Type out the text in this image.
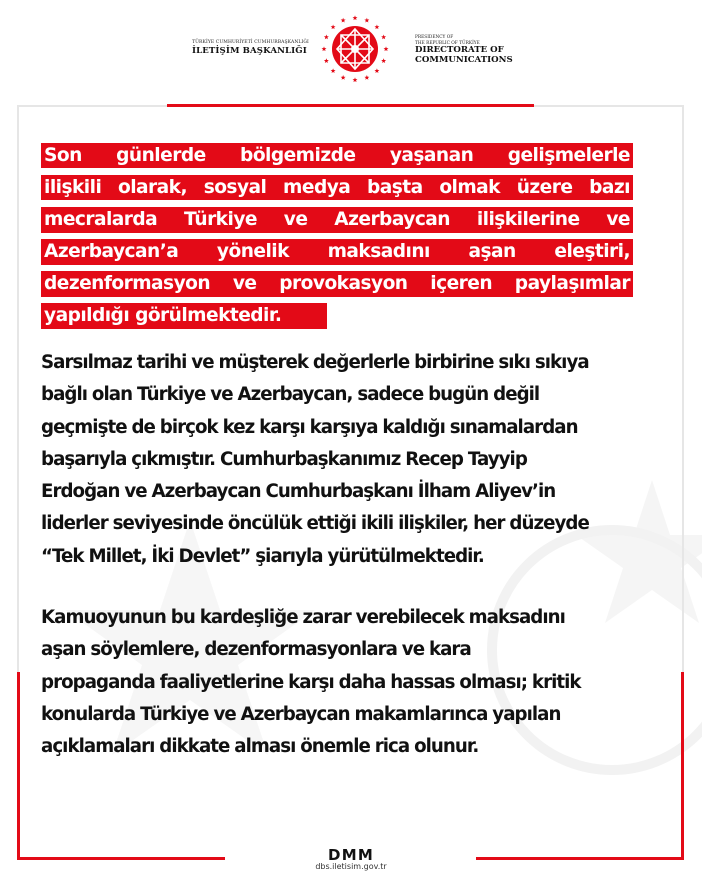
TÜRKİYE CUMHURİYETİ CUMHURBAŞKANLIĞI
İLETİŞİM BAŞKANLIĞI
PRESIDENCY OF
THE REPUBLIC OF TÜRKİYE
DIRECTORATE OF
COMMUNICATIONS
Son günlerde bölgemizde yaşanan gelişmelerle
ilişkili olarak, sosyal medya başta olmak üzere bazı
mecralarda Türkiye ve Azerbaycan ilişkilerine ve
Azerbaycan’a yönelik maksadını aşan eleştiri,
dezenformasyon ve provokasyon içeren paylaşımlar
yapıldığı görülmektedir.
Sarsılmaz tarihi ve müşterek değerlerle birbirine sıkı sıkıya
bağlı olan Türkiye ve Azerbaycan, sadece bugün değil
geçmişte de birçok kez karşı karşıya kaldığı sınamalardan
başarıyla çıkmıştır. Cumhurbaşkanımız Recep Tayyip
Erdoğan ve Azerbaycan Cumhurbaşkanı İlham Aliyev’in
liderler seviyesinde öncülük ettiği ikili ilişkiler, her düzeyde
“Tek Millet, İki Devlet” şiarıyla yürütülmektedir.
Kamuoyunun bu kardeşliğe zarar verebilecek maksadını
aşan söylemlere, dezenformasyonlara ve kara
propaganda faaliyetlerine karşı daha hassas olması; kritik
konularda Türkiye ve Azerbaycan makamlarınca yapılan
açıklamaları dikkate alması önemle rica olunur.
DMM
dbs.iletisim.gov.tr
